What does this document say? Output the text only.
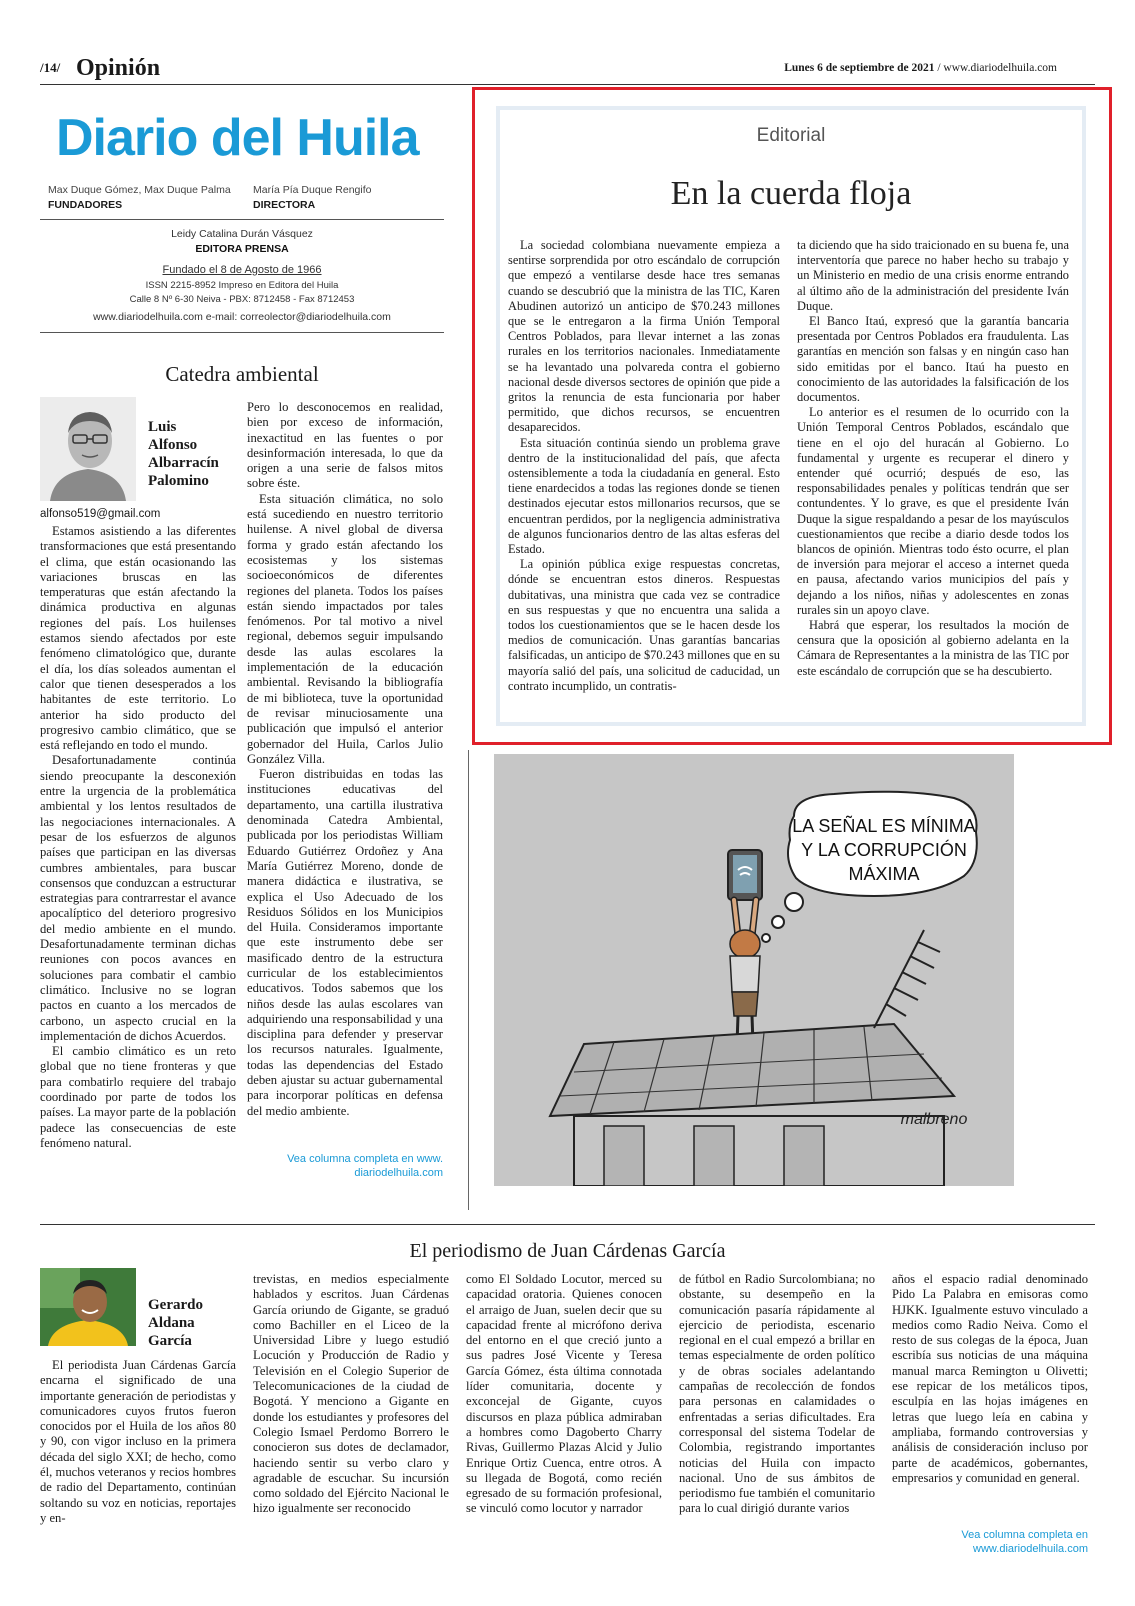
/14/ Opinión	Lunes 6 de septiembre de 2021 / www.diariodelhuila.com
Diario del Huila
Max Duque Gómez, Max Duque Palma
FUNDADORES
María Pía Duque Rengifo
DIRECTORA
Leidy Catalina Durán Vásquez
EDITORA PRENSA
Fundado el 8 de Agosto de 1966
ISSN 2215-8952 Impreso en Editora del Huila
Calle 8 Nº 6-30 Neiva - PBX: 8712458 - Fax 8712453
www.diariodelhuila.com e-mail: correolector@diariodelhuila.com
Catedra ambiental
Luis
Alfonso
Albarracín
Palomino
alfonso519@gmail.com

Estamos asistiendo a las diferentes transformaciones que está presentando el clima, que están ocasionando las variaciones bruscas en las temperaturas que están afectando la dinámica productiva en algunas regiones del país. Los huilenses estamos siendo afectados por este fenómeno climatológico que, durante el día, los días soleados aumentan el calor que tienen desesperados a los habitantes de este territorio. Lo anterior ha sido producto del progresivo cambio climático, que se está reflejando en todo el mundo.

Desafortunadamente continúa siendo preocupante la desconexión entre la urgencia de la problemática ambiental y los lentos resultados de las negociaciones internacionales. A pesar de los esfuerzos de algunos países que participan en las diversas cumbres ambientales, para buscar consensos que conduzcan a estructurar estrategias para contrarrestar el avance apocalíptico del deterioro progresivo del medio ambiente en el mundo. Desafortunadamente terminan dichas reuniones con pocos avances en soluciones para combatir el cambio climático. Inclusive no se logran pactos en cuanto a los mercados de carbono, un aspecto crucial en la implementación de dichos Acuerdos.

El cambio climático es un reto global que no tiene fronteras y que para combatirlo requiere del trabajo coordinado por parte de todos los países. La mayor parte de la población padece las consecuencias de este fenómeno natural.

Pero lo desconocemos en realidad, bien por exceso de información, inexactitud en las fuentes o por desinformación interesada, lo que da origen a una serie de falsos mitos sobre éste.

Esta situación climática, no solo está sucediendo en nuestro territorio huilense. A nivel global de diversa forma y grado están afectando los ecosistemas y los sistemas socioeconómicos de diferentes regiones del planeta. Todos los países están siendo impactados por tales fenómenos. Por tal motivo a nivel regional, debemos seguir impulsando desde las aulas escolares la implementación de la educación ambiental. Revisando la bibliografía de mi biblioteca, tuve la oportunidad de revisar minuciosamente una publicación que impulsó el anterior gobernador del Huila, Carlos Julio González Villa.

Fueron distribuidas en todas las instituciones educativas del departamento, una cartilla ilustrativa denominada Catedra Ambiental, publicada por los periodistas William Eduardo Gutiérrez Ordoñez y Ana María Gutiérrez Moreno, donde de manera didáctica e ilustrativa, se explica el Uso Adecuado de los Residuos Sólidos en los Municipios del Huila. Consideramos importante que este instrumento debe ser masificado dentro de la estructura curricular de los establecimientos educativos. Todos sabemos que los niños desde las aulas escolares van adquiriendo una responsabilidad y una disciplina para defender y preservar los recursos naturales. Igualmente, todas las dependencias del Estado deben ajustar su actuar gubernamental para incorporar políticas en defensa del medio ambiente.

Vea columna completa en www.
diariodelhuila.com
Editorial
En la cuerda floja

La sociedad colombiana nuevamente empieza a sentirse sorprendida por otro escándalo de corrupción que empezó a ventilarse desde hace tres semanas cuando se descubrió que la ministra de las TIC, Karen Abudinen autorizó un anticipo de $70.243 millones que se le entregaron a la firma Unión Temporal Centros Poblados, para llevar internet a las zonas rurales en los territorios nacionales. Inmediatamente se ha levantado una polvareda contra el gobierno nacional desde diversos sectores de opinión que pide a gritos la renuncia de esta funcionaria por haber permitido, que dichos recursos, se encuentren desaparecidos.

Esta situación continúa siendo un problema grave dentro de la institucionalidad del país, que afecta ostensiblemente a toda la ciudadanía en general. Esto tiene enardecidos a todas las regiones donde se tienen destinados ejecutar estos millonarios recursos, que se encuentran perdidos, por la negligencia administrativa de algunos funcionarios dentro de las altas esferas del Estado.

La opinión pública exige respuestas concretas, dónde se encuentran estos dineros. Respuestas dubitativas, una ministra que cada vez se contradice en sus respuestas y que no encuentra una salida a todos los cuestionamientos que se le hacen desde los medios de comunicación. Unas garantías bancarias falsificadas, un anticipo de $70.243 millones que en su mayoría salió del país, una solicitud de caducidad, un contrato incumplido, un contratis-

ta diciendo que ha sido traicionado en su buena fe, una interventoría que parece no haber hecho su trabajo y un Ministerio en medio de una crisis enorme entrando al último año de la administración del presidente Iván Duque.

El Banco Itaú, expresó que la garantía bancaria presentada por Centros Poblados era fraudulenta. Las garantías en mención son falsas y en ningún caso han sido emitidas por el banco. Itaú ha puesto en conocimiento de las autoridades la falsificación de los documentos.

Lo anterior es el resumen de lo ocurrido con la Unión Temporal Centros Poblados, escándalo que tiene en el ojo del huracán al Gobierno. Lo fundamental y urgente es recuperar el dinero y entender qué ocurrió; después de eso, las responsabilidades penales y políticas tendrán que ser contundentes. Y lo grave, es que el presidente Iván Duque la sigue respaldando a pesar de los mayúsculos cuestionamientos que recibe a diario desde todos los blancos de opinión. Mientras todo ésto ocurre, el plan de inversión para mejorar el acceso a internet queda en pausa, afectando varios municipios del país y dejando a los niños, niñas y adolescentes en zonas rurales sin un apoyo clave.

Habrá que esperar, los resultados la moción de censura que la oposición al gobierno adelanta en la Cámara de Representantes a la ministra de las TIC por este escándalo de corrupción que se ha descubierto.

LA SEÑAL ES MÍNIMA
Y LA CORRUPCIÓN
MÁXIMA
malbreno
El periodismo de Juan Cárdenas García
Gerardo
Aldana
García

El periodista Juan Cárdenas García encarna el significado de una importante generación de periodistas y comunicadores cuyos frutos fueron conocidos por el Huila de los años 80 y 90, con vigor incluso en la primera década del siglo XXI; de hecho, como él, muchos veteranos y recios hombres de radio del Departamento, continúan soltando su voz en noticias, reportajes y en-

trevistas, en medios especialmente hablados y escritos. Juan Cárdenas García oriundo de Gigante, se graduó como Bachiller en el Liceo de la Universidad Libre y luego estudió Locución y Producción de Radio y Televisión en el Colegio Superior de Telecomunicaciones de la ciudad de Bogotá. Y menciono a Gigante en donde los estudiantes y profesores del Colegio Ismael Perdomo Borrero le conocieron sus dotes de declamador, haciendo sentir su verbo claro y agradable de escuchar. Su incursión como soldado del Ejército Nacional le hizo igualmente ser reconocido

como El Soldado Locutor, merced su capacidad oratoria. Quienes conocen el arraigo de Juan, suelen decir que su capacidad frente al micrófono deriva del entorno en el que creció junto a sus padres José Vicente y Teresa García Gómez, ésta última connotada líder comunitaria, docente y exconcejal de Gigante, cuyos discursos en plaza pública admiraban a hombres como Dagoberto Charry Rivas, Guillermo Plazas Alcid y Julio Enrique Ortiz Cuenca, entre otros. A su llegada de Bogotá, como recién egresado de su formación profesional, se vinculó como locutor y narrador

de fútbol en Radio Surcolombiana; no obstante, su desempeño en la comunicación pasaría rápidamente al ejercicio de periodista, escenario regional en el cual empezó a brillar en temas especialmente de orden político y de obras sociales adelantando campañas de recolección de fondos para personas en calamidades o enfrentadas a serias dificultades. Era corresponsal del sistema Todelar de Colombia, registrando importantes noticias del Huila con impacto nacional. Uno de sus ámbitos de periodismo fue también el comunitario para lo cual dirigió durante varios

años el espacio radial denominado Pido La Palabra en emisoras como HJKK. Igualmente estuvo vinculado a medios como Radio Neiva. Como el resto de sus colegas de la época, Juan escribía sus noticias de una máquina manual marca Remington u Olivetti; ese repicar de los metálicos tipos, esculpía en las hojas imágenes en letras que luego leía en cabina y ampliaba, formando controversias y análisis de consideración incluso por parte de académicos, gobernantes, empresarios y comunidad en general.

Vea columna completa en
www.diariodelhuila.com
